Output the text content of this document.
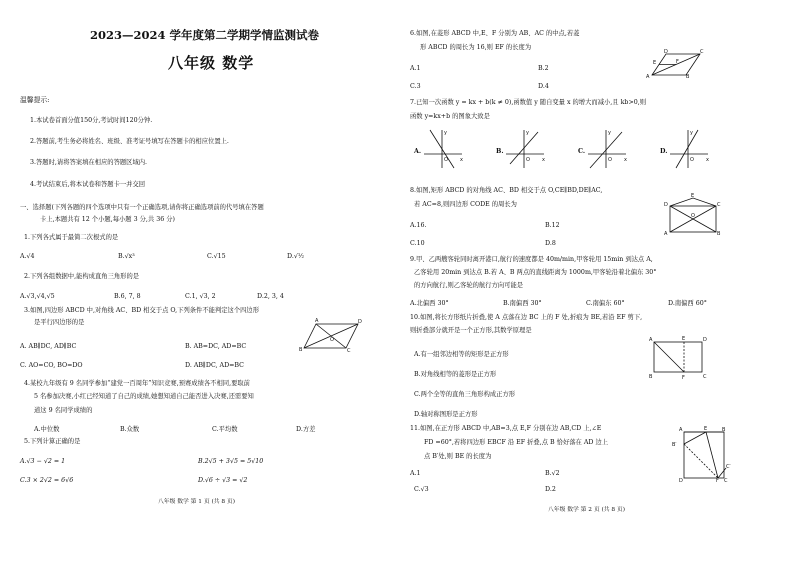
2023—2024 学年度第二学期学情监测试卷
八年级 数学
温馨提示:
1.本试卷首面分值150分,考试时间120分钟.
2.答题前,考生务必将姓名、班级、准考证号填写在答题卡的相应位置上.
3.答题时,请将答案填在相应的答题区域内.
4.考试结束后,将本试卷和答题卡一并交回
一、选择题(下列各题的四个选项中只有一个正确选项,请你将正确选项前的代号填在答题
卡上,本题共有 12 个小题,每小题 3 分,共 36 分)
1.下列各式属于最简二次根式的是
A.√4	B.√x³	C.√15	D.√½
2.下列各组数据中,能构成直角三角形的是
A.√3,√4,√5	B.6, 7, 8	C.1, √3, 2	D.2, 3, 4
3.如图,四边形 ABCD 中,对角线 AC、BD 相交于点 O,下列条件不能判定这个四边形
是平行四边形的是
A. AB∥DC, AD∥BC	B. AB=DC, AD=BC
C. AO=CO, BO=DO	D. AB∥DC, AD=BC
A
B	C
D
O
4.某校九年级有 9 名同学参加“建党一百周年”知识竞赛,预赛成绩各不相同,要取前
5 名参加决赛,小红已经知道了自己的成绩,她想知道自己能否进入决赛,还需要知
道这 9 名同学成绩的
A.中位数	B.众数	C.平均数	D.方差
5.下列计算正确的是
A.√3 − √2 = 1	B.2√5 + 3√5 = 5√10
C.3 × 2√2 = 6√6	D.√6 ÷ √3 = √2
八年级 数学 第 1 页 (共 8 页)
6.如图,在菱形 ABCD 中,E、F 分别为 AB、AC 的中点,若菱
形 ABCD 的周长为 16,则 EF 的长度为
A.1	B.2
C.3	D.4
D	C
A	B
E	F
7.已知一次函数 y = kx + b(k ≠ 0),函数值 y 随自变量 x 的增大而减小,且 kb>0,则
函数 y=kx+b 的图象大致是
A.
y
x
O
B.
y
x
O
C.
y
x
O
D.
y
x
O
8.如图,矩形 ABCD 的对角线 AC、BD 相交于点 O,CE∥BD,DE∥AC,
若 AC=8,则四边形 CODE 的周长为
A.16.	B.12
C.10	D.8
E
D	C
A	B
O
9.甲、乙两艘客轮同时离开港口,航行的速度都是 40m/min,甲客轮用 15min 到达点 A,
乙客轮用 20min 到达点 B.若 A、B 两点的直线距离为 1000m,甲客轮沿着北偏东 30°
的方向航行,则乙客轮的航行方向可能是
A.北偏西 30°	B.南偏西 30°	C.南偏东 60°	D.南偏西 60°
10.如图,将长方形纸片折叠,使 A 点落在边 BC 上的 F 处,折痕为 BE,若沿 EF 剪下,
则折叠部分就开是一个正方形,其数学原理是
A.有一组邻边相等的矩形是正方形
B.对角线相等的菱形是正方形
C.两个全等的直角三角形构成正方形
D.轴对称图形是正方形
A	E	D
B	F	C
11.如图,在正方形 ABCD 中,AB=3,点 E,F 分别在边 AB,CD 上,∠E
FD =60°,若将四边形 EBCF 沿 EF 折叠,点 B 恰好落在 AD 边上
点 B′处,则 BE 的长度为
A.1	B.√2
C.√3	D.2
A	E	B
B′
D	F C
C′
八年级 数学 第 2 页 (共 8 页)
